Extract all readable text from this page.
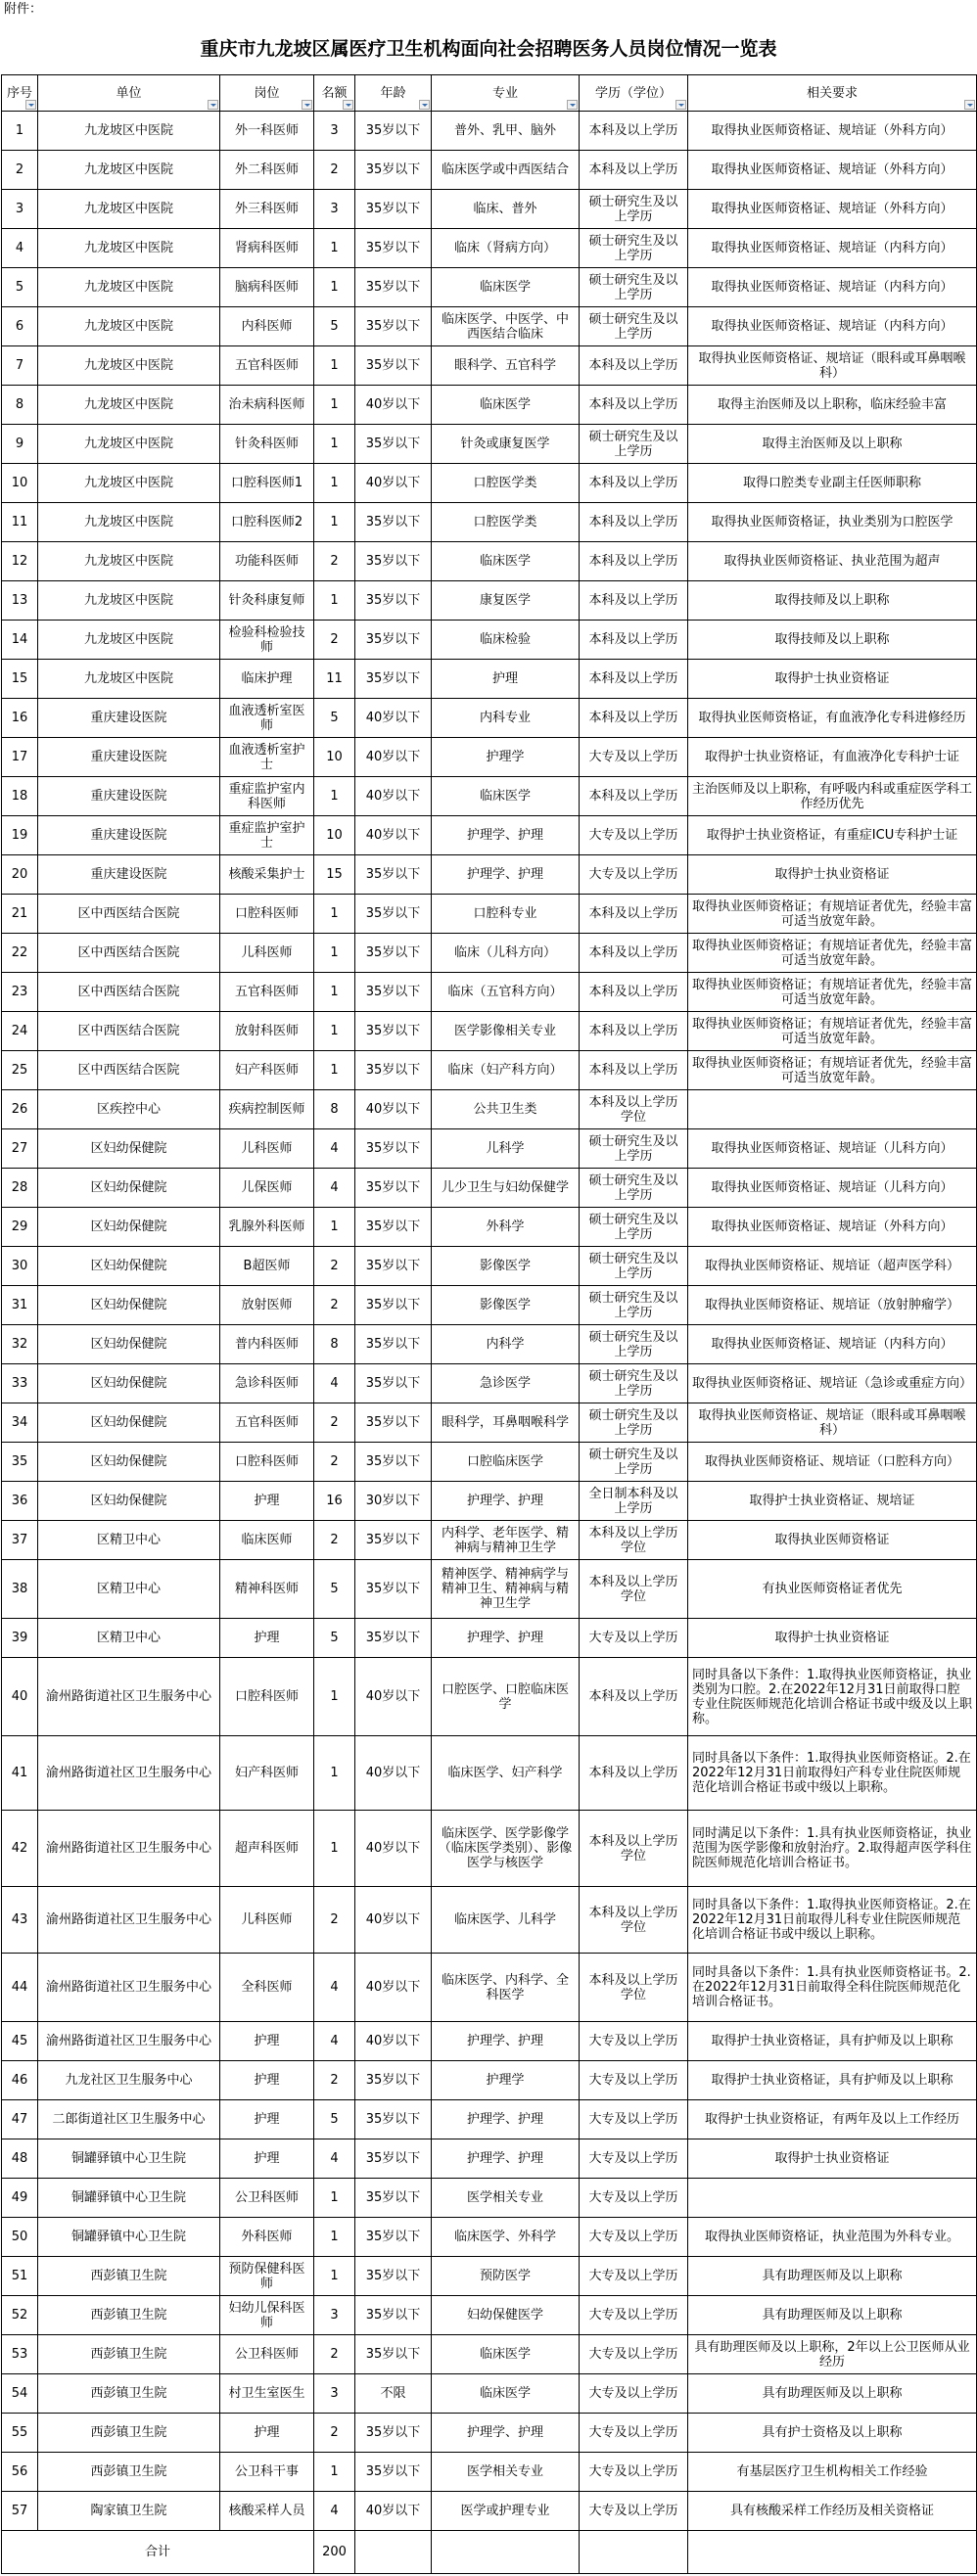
附件：
重庆市九龙坡区属医疗卫生机构面向社会招聘医务人员岗位情况一览表
序号	单位	岗位	名额	年龄	专业	学历（学位）	相关要求

1	九龙坡区中医院	外一科医师	3	35岁以下	普外、乳甲、脑外	本科及以上学历	取得执业医师资格证、规培证（外科方向）
2	九龙坡区中医院	外二科医师	2	35岁以下	临床医学或中西医结合	本科及以上学历	取得执业医师资格证、规培证（外科方向）
3	九龙坡区中医院	外三科医师	3	35岁以下	临床、普外	硕士研究生及以上学历	取得执业医师资格证、规培证（外科方向）
4	九龙坡区中医院	肾病科医师	1	35岁以下	临床（肾病方向）	硕士研究生及以上学历	取得执业医师资格证、规培证（内科方向）
5	九龙坡区中医院	脑病科医师	1	35岁以下	临床医学	硕士研究生及以上学历	取得执业医师资格证、规培证（内科方向）
6	九龙坡区中医院	内科医师	5	35岁以下	临床医学、中医学、中西医结合临床	硕士研究生及以上学历	取得执业医师资格证、规培证（内科方向）
7	九龙坡区中医院	五官科医师	1	35岁以下	眼科学、五官科学	本科及以上学历	取得执业医师资格证、规培证（眼科或耳鼻咽喉科）
8	九龙坡区中医院	治未病科医师	1	40岁以下	临床医学	本科及以上学历	取得主治医师及以上职称，临床经验丰富
9	九龙坡区中医院	针灸科医师	1	35岁以下	针灸或康复医学	硕士研究生及以上学历	取得主治医师及以上职称
10	九龙坡区中医院	口腔科医师1	1	40岁以下	口腔医学类	本科及以上学历	取得口腔类专业副主任医师职称
11	九龙坡区中医院	口腔科医师2	1	35岁以下	口腔医学类	本科及以上学历	取得执业医师资格证，执业类别为口腔医学
12	九龙坡区中医院	功能科医师	2	35岁以下	临床医学	本科及以上学历	取得执业医师资格证、执业范围为超声
13	九龙坡区中医院	针灸科康复师	1	35岁以下	康复医学	本科及以上学历	取得技师及以上职称
14	九龙坡区中医院	检验科检验技师	2	35岁以下	临床检验	本科及以上学历	取得技师及以上职称
15	九龙坡区中医院	临床护理	11	35岁以下	护理	本科及以上学历	取得护士执业资格证
16	重庆建设医院	血液透析室医师	5	40岁以下	内科专业	本科及以上学历	取得执业医师资格证，有血液净化专科进修经历
17	重庆建设医院	血液透析室护士	10	40岁以下	护理学	大专及以上学历	取得护士执业资格证，有血液净化专科护士证
18	重庆建设医院	重症监护室内科医师	1	40岁以下	临床医学	本科及以上学历	主治医师及以上职称，有呼吸内科或重症医学科工作经历优先
19	重庆建设医院	重症监护室护士	10	40岁以下	护理学、护理	大专及以上学历	取得护士执业资格证，有重症ICU专科护士证
20	重庆建设医院	核酸采集护士	15	35岁以下	护理学、护理	大专及以上学历	取得护士执业资格证
21	区中西医结合医院	口腔科医师	1	35岁以下	口腔科专业	本科及以上学历	取得执业医师资格证；有规培证者优先，经验丰富可适当放宽年龄。
22	区中西医结合医院	儿科医师	1	35岁以下	临床（儿科方向）	本科及以上学历	取得执业医师资格证；有规培证者优先，经验丰富可适当放宽年龄。
23	区中西医结合医院	五官科医师	1	35岁以下	临床（五官科方向）	本科及以上学历	取得执业医师资格证；有规培证者优先，经验丰富可适当放宽年龄。
24	区中西医结合医院	放射科医师	1	35岁以下	医学影像相关专业	本科及以上学历	取得执业医师资格证；有规培证者优先，经验丰富可适当放宽年龄。
25	区中西医结合医院	妇产科医师	1	35岁以下	临床（妇产科方向）	本科及以上学历	取得执业医师资格证；有规培证者优先，经验丰富可适当放宽年龄。
26	区疾控中心	疾病控制医师	8	40岁以下	公共卫生类	本科及以上学历学位	
27	区妇幼保健院	儿科医师	4	35岁以下	儿科学	硕士研究生及以上学历	取得执业医师资格证、规培证（儿科方向）
28	区妇幼保健院	儿保医师	4	35岁以下	儿少卫生与妇幼保健学	硕士研究生及以上学历	取得执业医师资格证、规培证（儿科方向）
29	区妇幼保健院	乳腺外科医师	1	35岁以下	外科学	硕士研究生及以上学历	取得执业医师资格证、规培证（外科方向）
30	区妇幼保健院	B超医师	2	35岁以下	影像医学	硕士研究生及以上学历	取得执业医师资格证、规培证（超声医学科）
31	区妇幼保健院	放射医师	2	35岁以下	影像医学	硕士研究生及以上学历	取得执业医师资格证、规培证（放射肿瘤学）
32	区妇幼保健院	普内科医师	8	35岁以下	内科学	硕士研究生及以上学历	取得执业医师资格证、规培证（内科方向）
33	区妇幼保健院	急诊科医师	4	35岁以下	急诊医学	硕士研究生及以上学历	取得执业医师资格证、规培证（急诊或重症方向）
34	区妇幼保健院	五官科医师	2	35岁以下	眼科学，耳鼻咽喉科学	硕士研究生及以上学历	取得执业医师资格证、规培证（眼科或耳鼻咽喉科）
35	区妇幼保健院	口腔科医师	2	35岁以下	口腔临床医学	硕士研究生及以上学历	取得执业医师资格证、规培证（口腔科方向）
36	区妇幼保健院	护理	16	30岁以下	护理学、护理	全日制本科及以上学历	取得护士执业资格证、规培证
37	区精卫中心	临床医师	2	35岁以下	内科学、老年医学、精神病与精神卫生学	本科及以上学历学位	取得执业医师资格证
38	区精卫中心	精神科医师	5	35岁以下	精神医学、精神病学与精神卫生、精神病与精神卫生学	本科及以上学历学位	有执业医师资格证者优先
39	区精卫中心	护理	5	35岁以下	护理学、护理	大专及以上学历	取得护士执业资格证
40	渝州路街道社区卫生服务中心	口腔科医师	1	40岁以下	口腔医学、口腔临床医学	本科及以上学历	同时具备以下条件：1.取得执业医师资格证，执业类别为口腔。2.在2022年12月31日前取得口腔专业住院医师规范化培训合格证书或中级及以上职称。
41	渝州路街道社区卫生服务中心	妇产科医师	1	40岁以下	临床医学、妇产科学	本科及以上学历	同时具备以下条件：1.取得执业医师资格证。2.在2022年12月31日前取得妇产科专业住院医师规范化培训合格证书或中级以上职称。
42	渝州路街道社区卫生服务中心	超声科医师	1	40岁以下	临床医学、医学影像学（临床医学类别）、影像医学与核医学	本科及以上学历学位	同时满足以下条件：1.具有执业医师资格证，执业范围为医学影像和放射治疗。2.取得超声医学科住院医师规范化培训合格证书。
43	渝州路街道社区卫生服务中心	儿科医师	2	40岁以下	临床医学、儿科学	本科及以上学历学位	同时具备以下条件：1.取得执业医师资格证。2.在2022年12月31日前取得儿科专业住院医师规范化培训合格证书或中级以上职称。
44	渝州路街道社区卫生服务中心	全科医师	4	40岁以下	临床医学、内科学、全科医学	本科及以上学历学位	同时具备以下条件：1.具有执业医师资格证书。2.在2022年12月31日前取得全科住院医师规范化培训合格证书。
45	渝州路街道社区卫生服务中心	护理	4	40岁以下	护理学、护理	大专及以上学历	取得护士执业资格证，具有护师及以上职称
46	九龙社区卫生服务中心	护理	2	35岁以下	护理学	大专及以上学历	取得护士执业资格证，具有护师及以上职称
47	二郎街道社区卫生服务中心	护理	5	35岁以下	护理学、护理	大专及以上学历	取得护士执业资格证，有两年及以上工作经历
48	铜罐驿镇中心卫生院	护理	4	35岁以下	护理学、护理	大专及以上学历	取得护士执业资格证
49	铜罐驿镇中心卫生院	公卫科医师	1	35岁以下	医学相关专业	大专及以上学历	
50	铜罐驿镇中心卫生院	外科医师	1	35岁以下	临床医学、外科学	大专及以上学历	取得执业医师资格证，执业范围为外科专业。
51	西彭镇卫生院	预防保健科医师	1	35岁以下	预防医学	大专及以上学历	具有助理医师及以上职称
52	西彭镇卫生院	妇幼儿保科医师	3	35岁以下	妇幼保健医学	大专及以上学历	具有助理医师及以上职称
53	西彭镇卫生院	公卫科医师	2	35岁以下	临床医学	大专及以上学历	具有助理医师及以上职称，2年以上公卫医师从业经历
54	西彭镇卫生院	村卫生室医生	3	不限	临床医学	大专及以上学历	具有助理医师及以上职称
55	西彭镇卫生院	护理	2	35岁以下	护理学、护理	大专及以上学历	具有护士资格及以上职称
56	西彭镇卫生院	公卫科干事	1	35岁以下	医学相关专业	大专及以上学历	有基层医疗卫生机构相关工作经验
57	陶家镇卫生院	核酸采样人员	4	40岁以下	医学或护理专业	大专及以上学历	具有核酸采样工作经历及相关资格证
合计			200				
